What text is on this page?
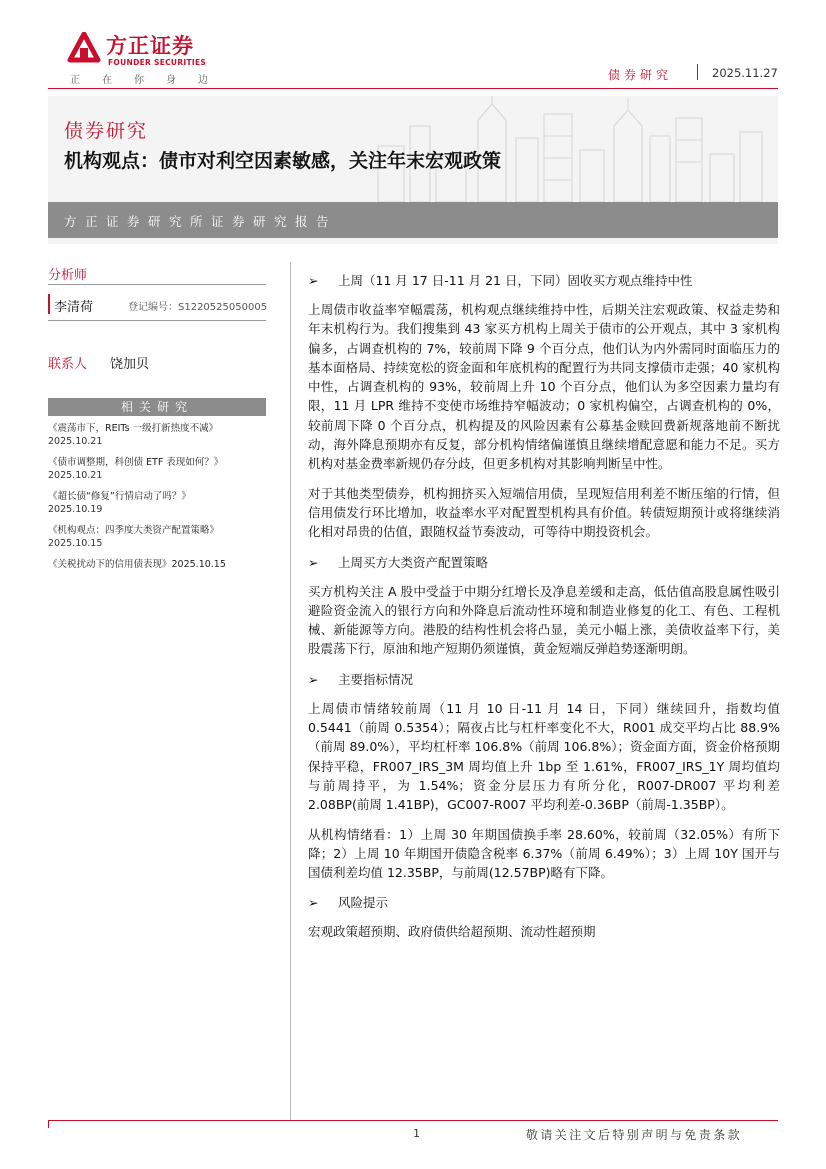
方正证券
FOUNDER SECURITIES
正在你身边	债券研究	2025.11.27
债券研究
机构观点：债市对利空因素敏感，关注年末宏观政策
方正证券研究所证券研究报告
分析师
李清荷	登记编号：S1220525050005
联系人 饶加贝
相关研究
《震荡市下，REITs 一级打新热度不减》
2025.10.21
《债市调整期，科创债 ETF 表现如何？》
2025.10.21
《超长债“修复”行情启动了吗？》
2025.10.19
《机构观点：四季度大类资产配置策略》
2025.10.15
《关税扰动下的信用债表现》2025.10.15
➢ 上周（11 月 17 日-11 月 21 日，下同）固收买方观点维持中性

上周债市收益率窄幅震荡，机构观点继续维持中性，后期关注宏观政策、权益走势和年末机构行为。我们搜集到 43 家买方机构上周关于债市的公开观点，其中 3 家机构偏多，占调查机构的 7%，较前周下降 9 个百分点，他们认为内外需同时面临压力的基本面格局、持续宽松的资金面和年底机构的配置行为共同支撑债市走强；40 家机构中性，占调查机构的 93%，较前周上升 10 个百分点，他们认为多空因素力量均有限，11 月 LPR 维持不变使市场维持窄幅波动；0 家机构偏空，占调查机构的 0%，较前周下降 0 个百分点，机构提及的风险因素有公募基金赎回费新规落地前不断扰动，海外降息预期亦有反复，部分机构情绪偏谨慎且继续增配意愿和能力不足。买方机构对基金费率新规仍存分歧，但更多机构对其影响判断呈中性。

对于其他类型债券，机构拥挤买入短端信用债，呈现短信用利差不断压缩的行情，但信用债发行环比增加，收益率水平对配置型机构具有价值。转债短期预计或将继续消化相对昂贵的估值，跟随权益节奏波动，可等待中期投资机会。

➢ 上周买方大类资产配置策略

买方机构关注 A 股中受益于中期分红增长及净息差缓和走高，低估值高股息属性吸引避险资金流入的银行方向和外降息后流动性环境和制造业修复的化工、有色、工程机械、新能源等方向。港股的结构性机会将凸显，美元小幅上涨，美债收益率下行，美股震荡下行，原油和地产短期仍须谨慎，黄金短端反弹趋势逐渐明朗。

➢ 主要指标情况

上周债市情绪较前周（11 月 10 日-11 月 14 日，下同）继续回升，指数均值 0.5441（前周 0.5354）；隔夜占比与杠杆率变化不大，R001 成交平均占比 88.9%（前周 89.0%），平均杠杆率 106.8%（前周 106.8%）；资金面方面，资金价格预期保持平稳，FR007_IRS_3M 周均值上升 1bp 至 1.61%，FR007_IRS_1Y 周均值均与前周持平，为 1.54%；资金分层压力有所分化，R007-DR007 平均利差 2.08BP(前周 1.41BP)，GC007-R007 平均利差-0.36BP（前周-1.35BP）。

从机构情绪看：1）上周 30 年期国债换手率 28.60%，较前周（32.05%）有所下降；2）上周 10 年期国开债隐含税率 6.37%（前周 6.49%）；3）上周 10Y 国开与国债利差均值 12.35BP，与前周(12.57BP)略有下降。

➢ 风险提示

宏观政策超预期、政府债供给超预期、流动性超预期

1	敬请关注文后特别声明与免责条款
